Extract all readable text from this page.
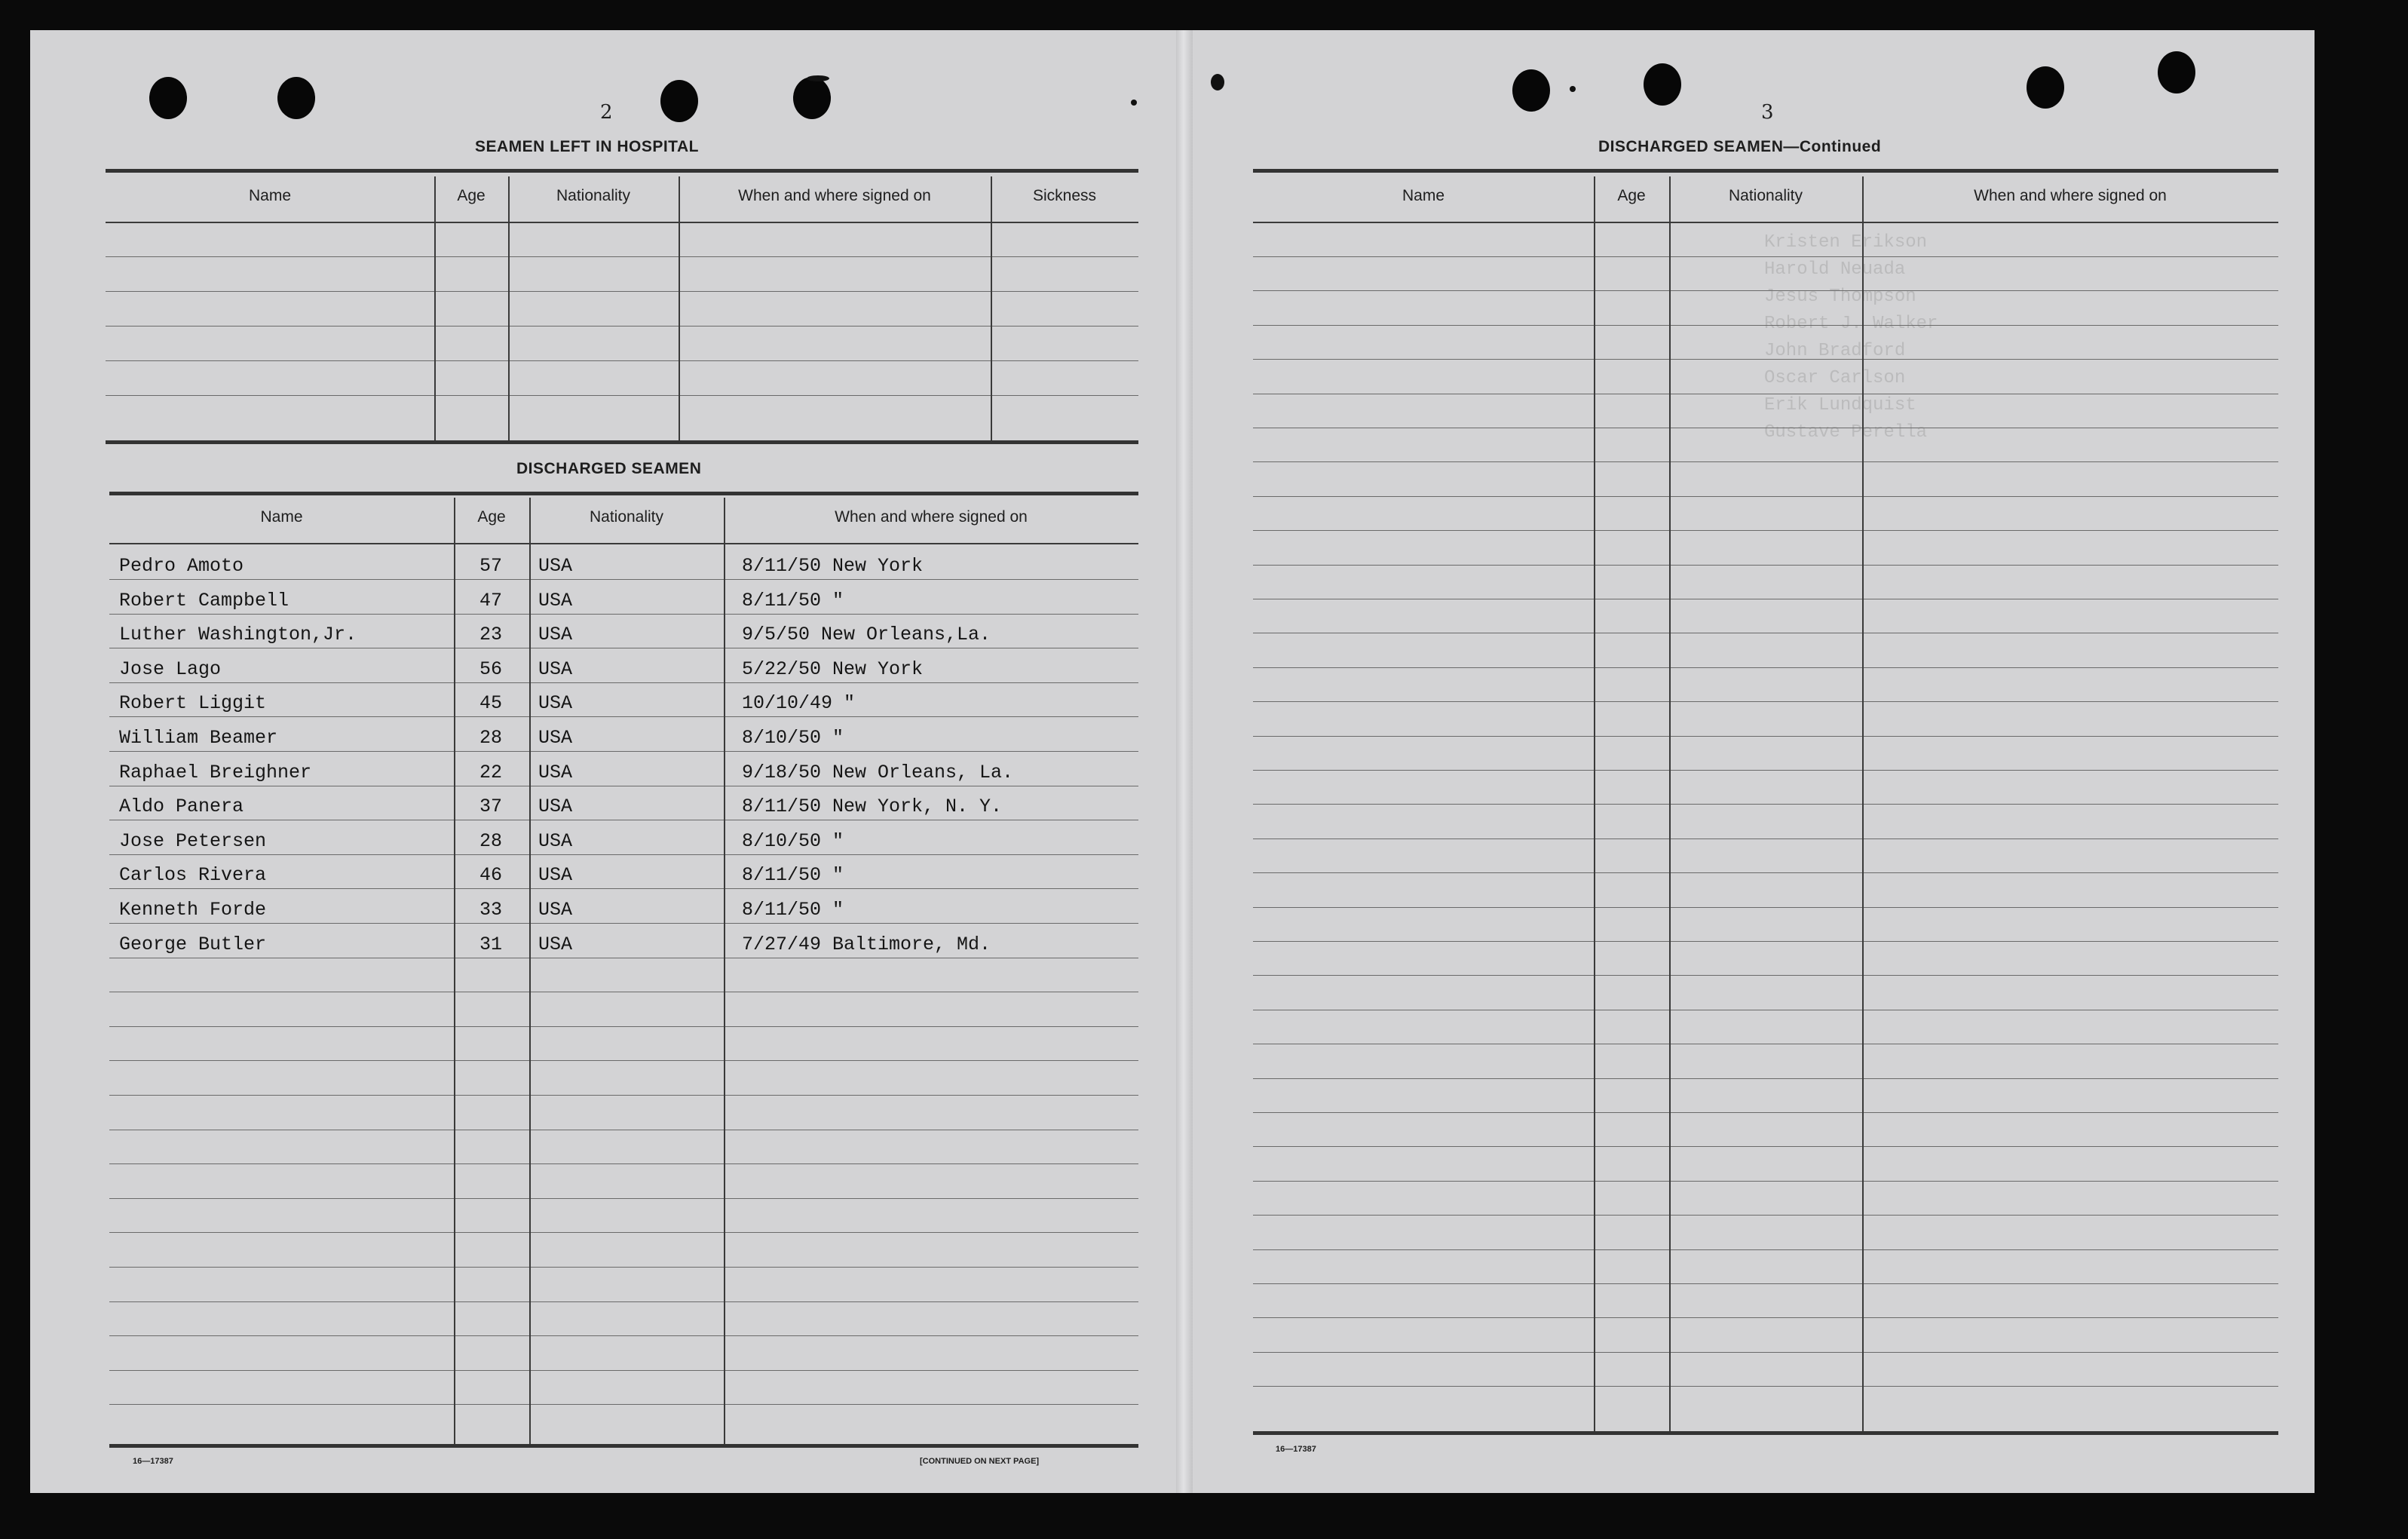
Kristen Erikson
Harold Neuada
Jesus Thompson
Robert J. Walker
John Bradford
Oscar Carlson
Erik Lundquist
Gustave Perella
2
SEAMEN LEFT IN HOSPITAL
Name	Age	Nationality	When and where signed on	Sickness
DISCHARGED SEAMEN
Name	Age	Nationality	When and where signed on
Pedro Amoto	57 USA	8/11/50 New York
Robert Campbell	47 USA	8/11/50 "
Luther Washington,Jr.	23 USA	9/5/50 New Orleans,La.
Jose Lago	56 USA	5/22/50 New York
Robert Liggit	45 USA	10/10/49 "
William Beamer	28 USA	8/10/50 "
Raphael Breighner	22 USA	9/18/50 New Orleans, La.
Aldo Panera	37 USA	8/11/50 New York, N. Y.
Jose Petersen	28 USA	8/10/50 "
Carlos Rivera	46 USA	8/11/50 "
Kenneth Forde	33 USA	8/11/50 "
George Butler	31 USA	7/27/49 Baltimore, Md.
16—17387	[CONTINUED ON NEXT PAGE]
3
DISCHARGED SEAMEN—Continued
Name	Age	Nationality	When and where signed on
16—17387
